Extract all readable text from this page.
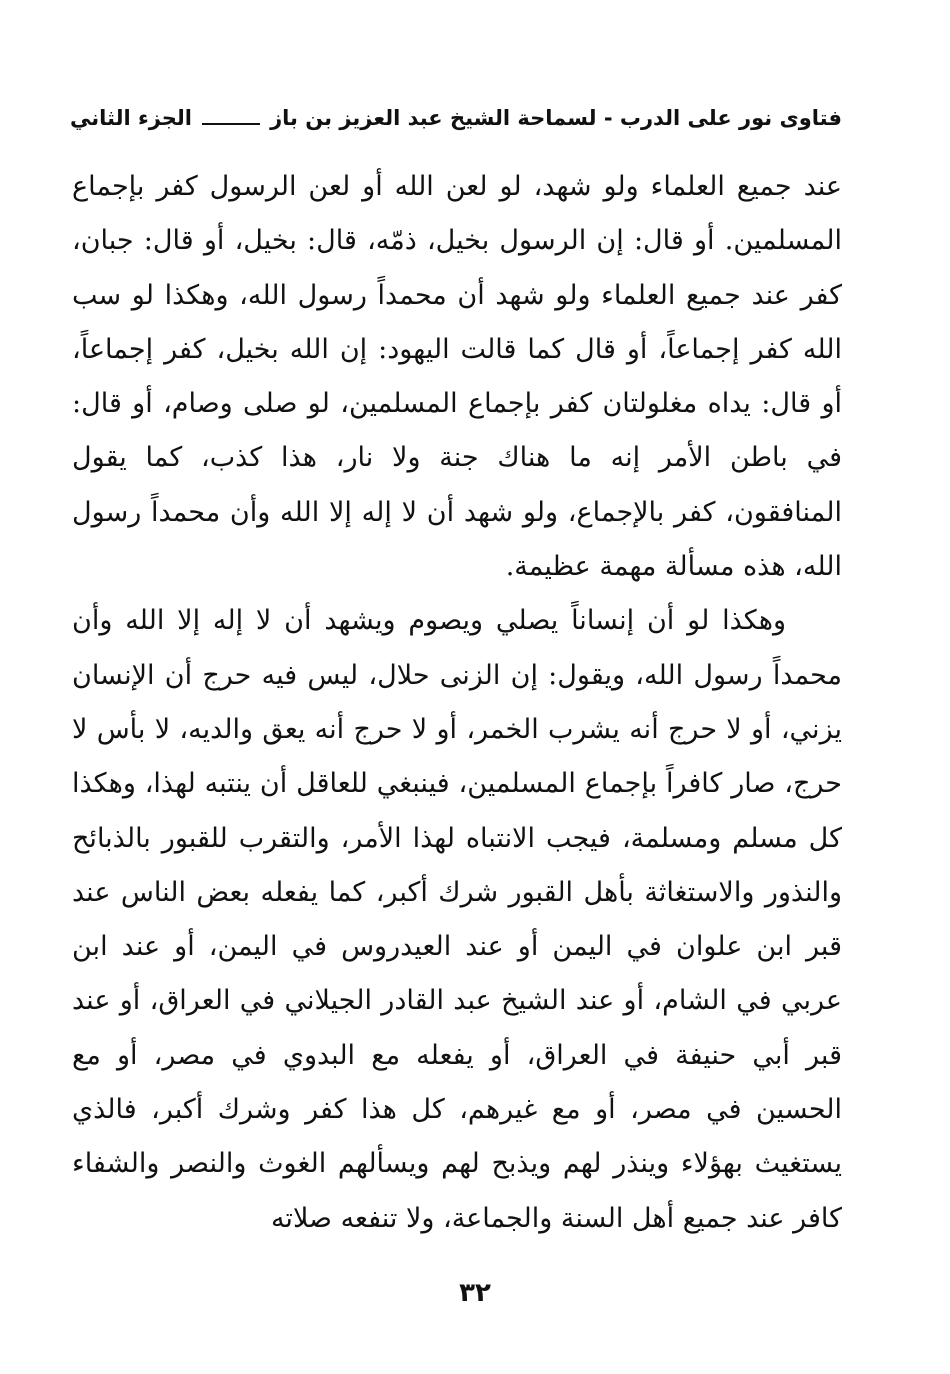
فتاوى نور على الدرب - لسماحة الشيخ عبد العزيز بن باز
الجزء الثاني

عند جميع العلماء ولو شهد، لو لعن الله أو لعن الرسول كفر بإجماع المسلمين. أو قال: إن الرسول بخيل، ذمّه، قال: بخيل، أو قال: جبان، كفر عند جميع العلماء ولو شهد أن محمداً رسول الله، وهكذا لو سب الله كفر إجماعاً، أو قال كما قالت اليهود: إن الله بخيل، كفر إجماعاً، أو قال: يداه مغلولتان كفر بإجماع المسلمين، لو صلى وصام، أو قال: في باطن الأمر إنه ما هناك جنة ولا نار، هذا كذب، كما يقول المنافقون، كفر بالإجماع، ولو شهد أن لا إله إلا الله وأن محمداً رسول الله، هذه مسألة مهمة عظيمة.

وهكذا لو أن إنساناً يصلي ويصوم ويشهد أن لا إله إلا الله وأن محمداً رسول الله، ويقول: إن الزنى حلال، ليس فيه حرج أن الإنسان يزني، أو لا حرج أنه يشرب الخمر، أو لا حرج أنه يعق والديه، لا بأس لا حرج، صار كافراً بإجماع المسلمين، فينبغي للعاقل أن ينتبه لهذا، وهكذا كل مسلم ومسلمة، فيجب الانتباه لهذا الأمر، والتقرب للقبور بالذبائح والنذور والاستغاثة بأهل القبور شرك أكبر، كما يفعله بعض الناس عند قبر ابن علوان في اليمن أو عند العيدروس في اليمن، أو عند ابن عربي في الشام، أو عند الشيخ عبد القادر الجيلاني في العراق، أو عند قبر أبي حنيفة في العراق، أو يفعله مع البدوي في مصر، أو مع الحسين في مصر، أو مع غيرهم، كل هذا كفر وشرك أكبر، فالذي يستغيث بهؤلاء وينذر لهم ويذبح لهم ويسألهم الغوث والنصر والشفاء كافر عند جميع أهل السنة والجماعة، ولا تنفعه صلاته

٣٢
